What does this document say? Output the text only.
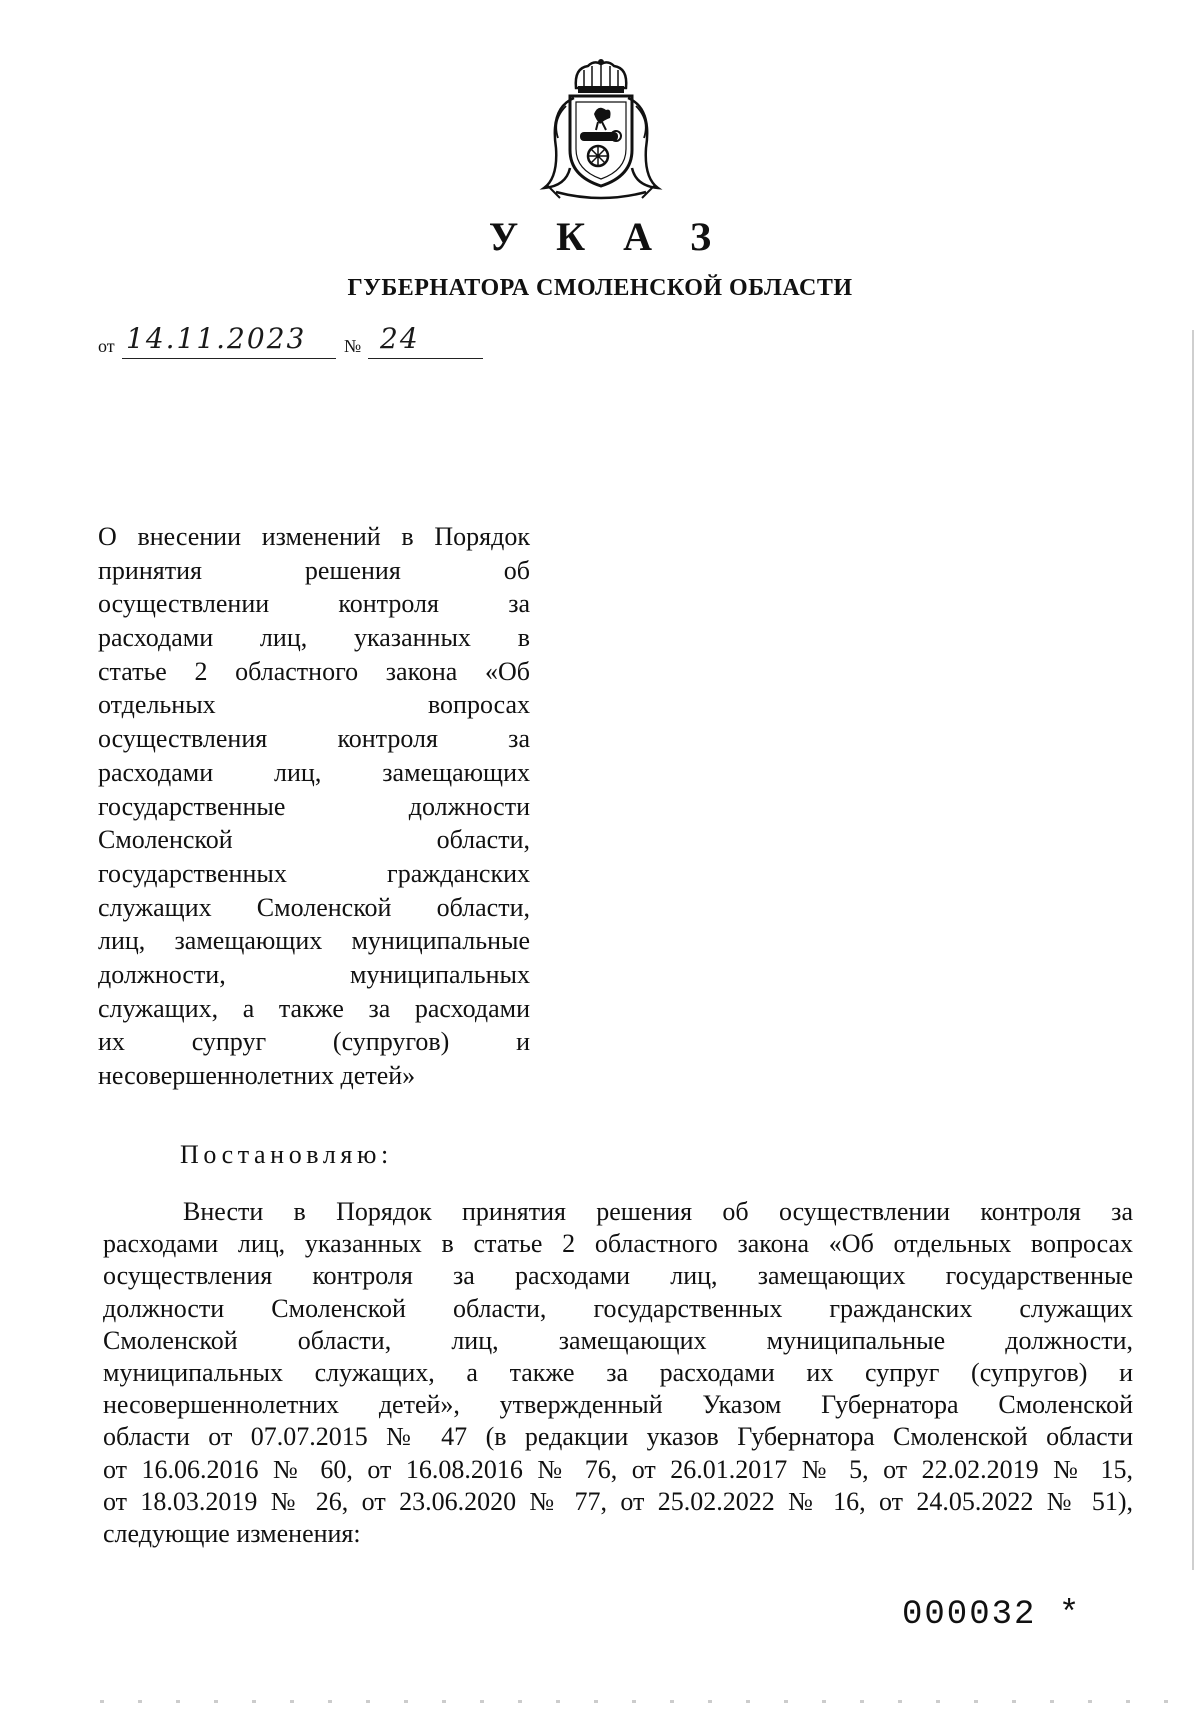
У К А З
ГУБЕРНАТОРА СМОЛЕНСКОЙ ОБЛАСТИ
от 14.11.2023 № 24
О внесении изменений в Порядок
принятия решения об
осуществлении контроля за
расходами лиц, указанных в
статье 2 областного закона «Об
отдельных вопросах
осуществления контроля за
расходами лиц, замещающих
государственные должности
Смоленской области,
государственных гражданских
служащих Смоленской области,
лиц, замещающих муниципальные
должности, муниципальных
служащих, а также за расходами
их супруг (супругов) и
несовершеннолетних детей»
Постановляю:
Внести в Порядок принятия решения об осуществлении контроля за
расходами лиц, указанных в статье 2 областного закона «Об отдельных вопросах
осуществления контроля за расходами лиц, замещающих государственные
должности Смоленской области, государственных гражданских служащих
Смоленской области, лиц, замещающих муниципальные должности,
муниципальных служащих, а также за расходами их супруг (супругов) и
несовершеннолетних детей», утвержденный Указом Губернатора Смоленской
области от 07.07.2015 № 47 (в редакции указов Губернатора Смоленской области
от 16.06.2016 № 60, от 16.08.2016 № 76, от 26.01.2017 № 5, от 22.02.2019 № 15,
от 18.03.2019 № 26, от 23.06.2020 № 77, от 25.02.2022 № 16, от 24.05.2022 № 51),
следующие изменения:
000032 *
